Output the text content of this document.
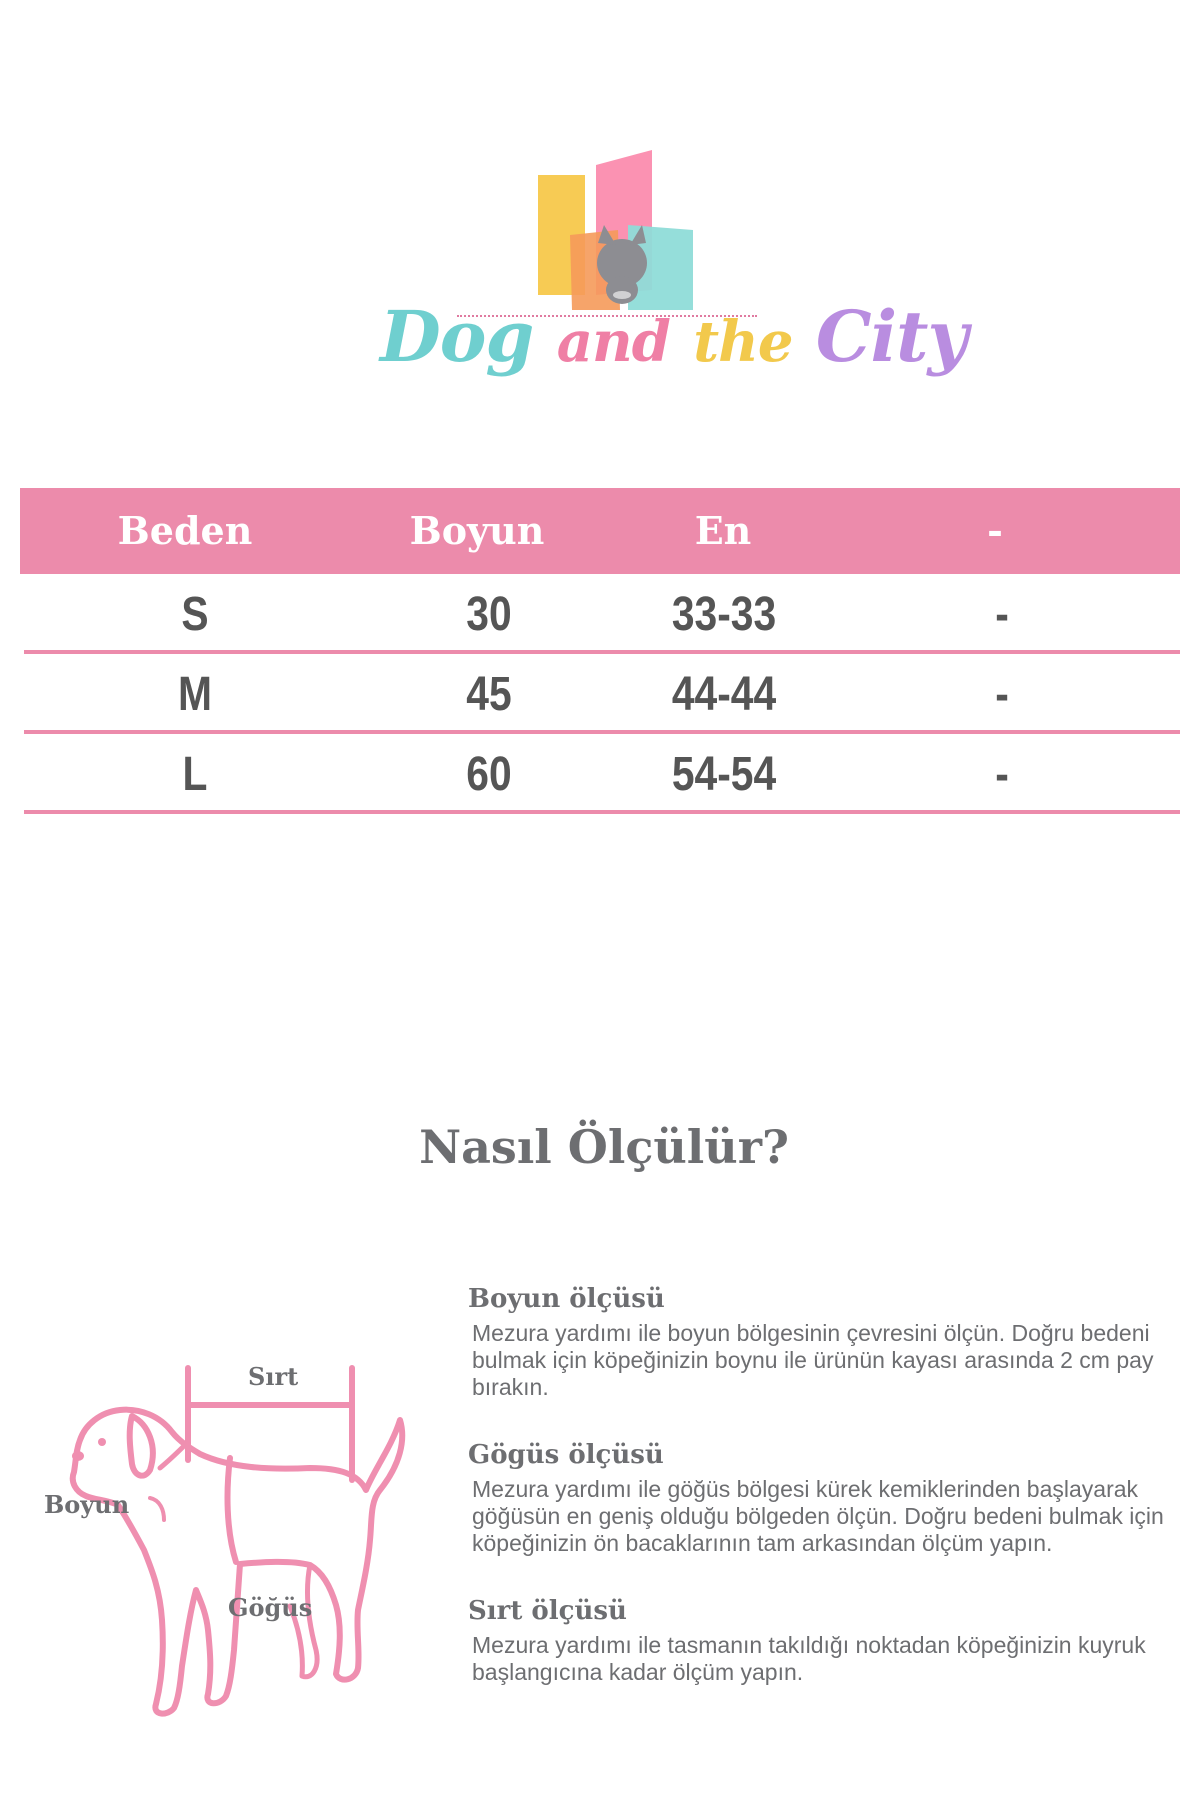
Dog and the City
Beden	Boyun	En	-
S	30	33-33	-
M	45	44-44	-
L	60	54-54	-
Nasıl Ölçülür?
Sırt
Boyun
Göğüs

Boyun ölçüsü

Mezura yardımı ile boyun bölgesinin çevresini ölçün. Doğru bedeni bulmak için köpeğinizin boynu ile ürünün kayası arasında 2 cm pay bırakın.

Gögüs ölçüsü

Mezura yardımı ile göğüs bölgesi kürek kemiklerinden başlayarak göğüsün en geniş olduğu bölgeden ölçün. Doğru bedeni bulmak için köpeğinizin ön bacaklarının tam arkasından ölçüm yapın.

Sırt ölçüsü

Mezura yardımı ile tasmanın takıldığı noktadan köpeğinizin kuyruk başlangıcına kadar ölçüm yapın.
